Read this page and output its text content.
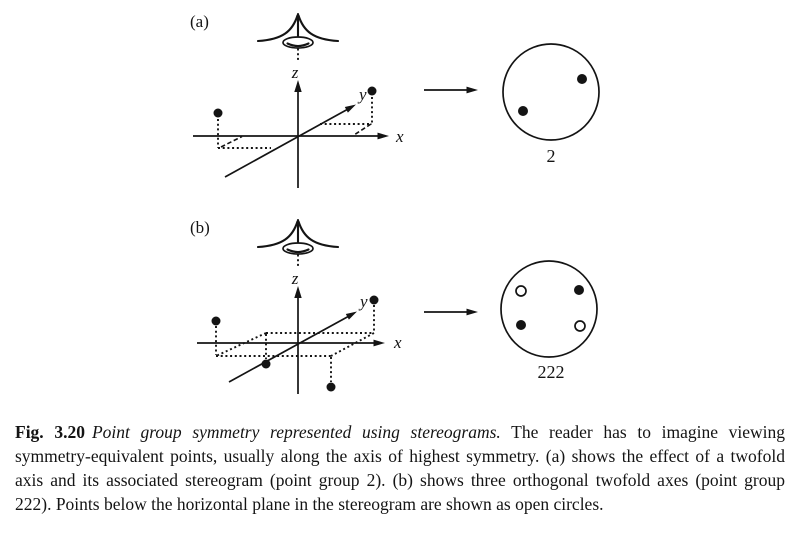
(a)
z
x
y
2
(b)
z
x
y
222

Fig. 3.20 Point group symmetry represented using stereograms. The reader has to imagine viewing symmetry-equivalent points, usually along the axis of highest symmetry. (a) shows the effect of a twofold axis and its associated stereogram (point group 2). (b) shows three orthogonal twofold axes (point group 222). Points below the horizontal plane in the stereogram are shown as open circles.
